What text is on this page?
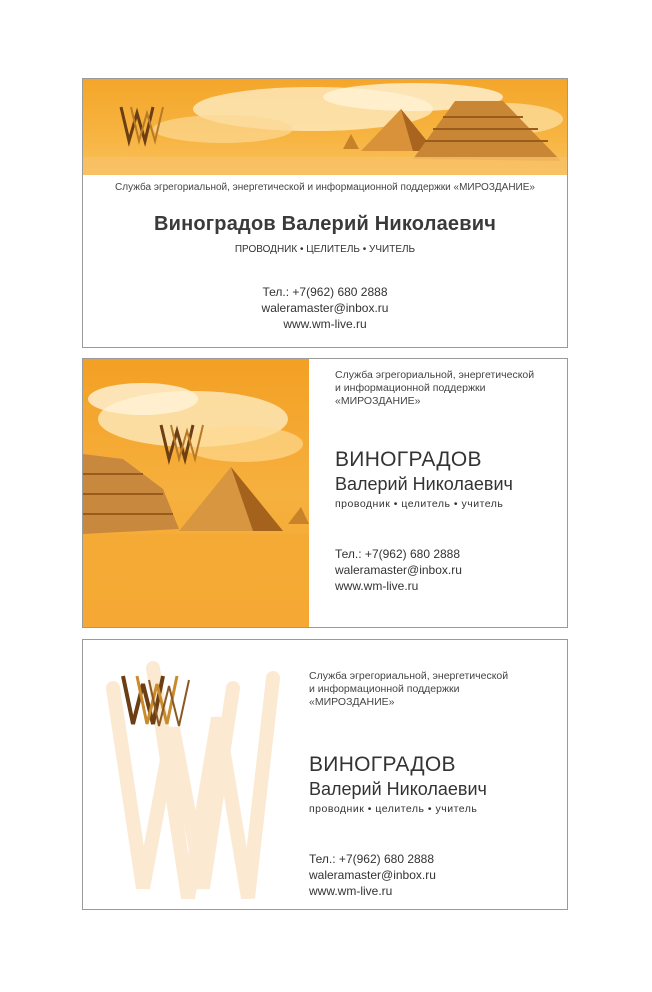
Служба эгрегориальной, энергетической и информационной поддержки «МИРОЗДАНИЕ»
Виноградов Валерий Николаевич
ПРОВОДНИК • ЦЕЛИТЕЛЬ • УЧИТЕЛЬ
Тел.: +7(962) 680 2888
waleramaster@inbox.ru
www.wm-live.ru
Служба эгрегориальной, энергетической
и информационной поддержки
«МИРОЗДАНИЕ»
ВИНОГРАДОВ
Валерий Николаевич
проводник • целитель • учитель
Тел.: +7(962) 680 2888
waleramaster@inbox.ru
www.wm-live.ru
Служба эгрегориальной, энергетической
и информационной поддержки
«МИРОЗДАНИЕ»
ВИНОГРАДОВ
Валерий Николаевич
проводник • целитель • учитель
Тел.: +7(962) 680 2888
waleramaster@inbox.ru
www.wm-live.ru
